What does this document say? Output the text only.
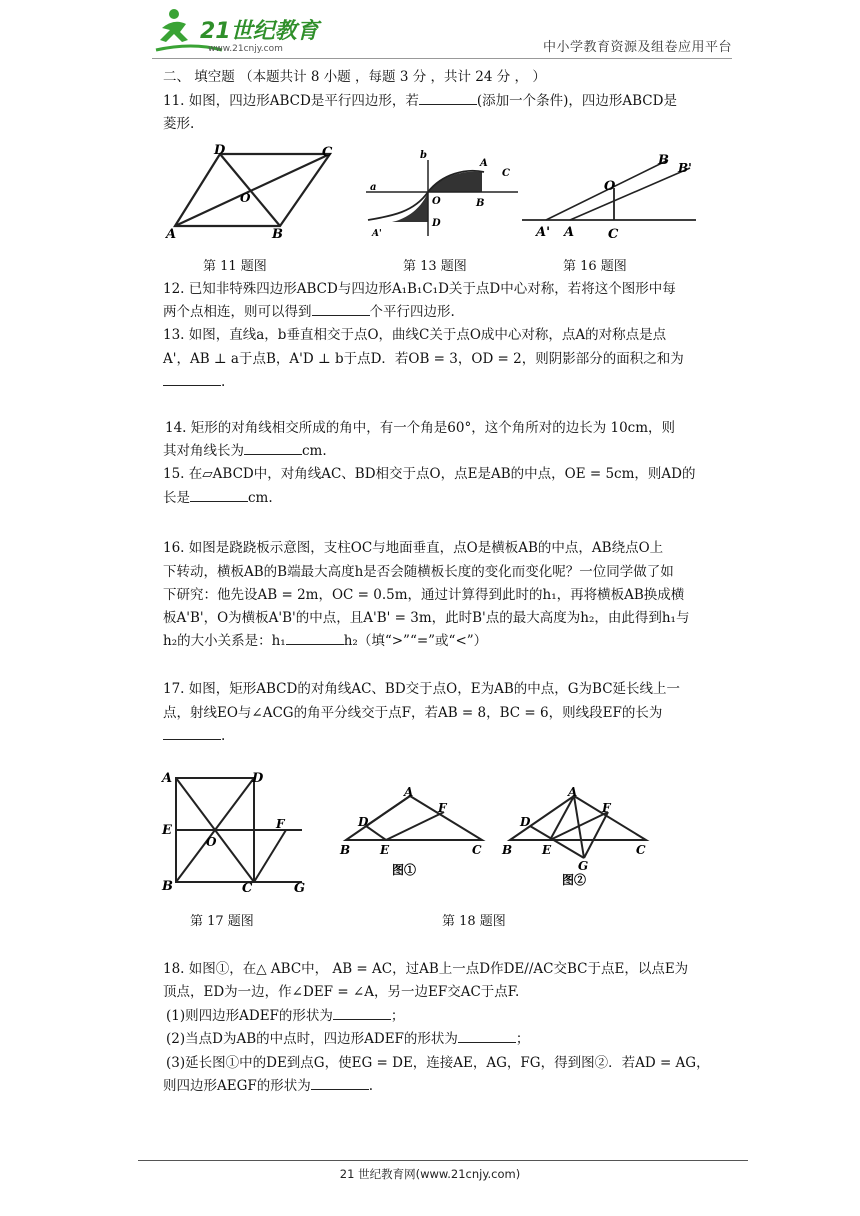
21世纪教育
www.21cnjy.com	中小学教育资源及组卷应用平台
二、 填空题 （本题共计 8 小题 ，每题 3 分 ，共计 24 分 ， ）
11. 如图，四边形ABCD是平行四边形，若	(添加一个条件)，四边形ABCD是
菱形.
D	C
O
A	B
第 11 题图
b
A
C
a
O	B
D
A'
第 13 题图
B B'
O
A' A	C
第 16 题图
12. 已知非特殊四边形ABCD与四边形A₁B₁C₁D关于点D中心对称，若将这个图形中每
两个点相连，则可以得到	个平行四边形.
13. 如图，直线a，b垂直相交于点O，曲线C关于点O成中心对称，点A的对称点是点
A'，AB ⊥ a于点B，A'D ⊥ b于点D．若OB = 3，OD = 2，则阴影部分的面积之和为
.
14. 矩形的对角线相交所成的角中，有一个角是60°，这个角所对的边长为 10cm，则
其对角线长为	cm.
15. 在▱ABCD中，对角线AC、BD相交于点O，点E是AB的中点，OE = 5cm，则AD的
长是	cm.
16. 如图是跷跷板示意图，支柱OC与地面垂直，点O是横板AB的中点，AB绕点O上
下转动，横板AB的B端最大高度h是否会随横板长度的变化而变化呢？一位同学做了如
下研究：他先设AB = 2m，OC = 0.5m，通过计算得到此时的h₁，再将横板AB换成横
板A'B'，O为横板A'B'的中点，且A'B' = 3m，此时B'点的最大高度为h₂，由此得到h₁与
h₂的大小关系是：h₁	h₂（填“>”“=”或“<”）
17. 如图，矩形ABCD的对角线AC、BD交于点O，E为AB的中点，G为BC延长线上一
点，射线EO与∠ACG的角平分线交于点F，若AB = 8，BC = 6，则线段EF的长为
.
A	D
E
O
F
B	C	G
第 17 题图
A
D
F
B E	C
图①
A
D
F
B E	C
G
图②
第 18 题图
18. 如图①，在△ ABC中， AB = AC，过AB上一点D作DE//AC交BC于点E，以点E为
顶点，ED为一边，作∠DEF = ∠A，另一边EF交AC于点F.
(1)则四边形ADEF的形状为	；
(2)当点D为AB的中点时，四边形ADEF的形状为	；
(3)延长图①中的DE到点G，使EG = DE，连接AE，AG，FG，得到图②．若AD = AG，
则四边形AEGF的形状为	.
21 世纪教育网(www.21cnjy.com)
